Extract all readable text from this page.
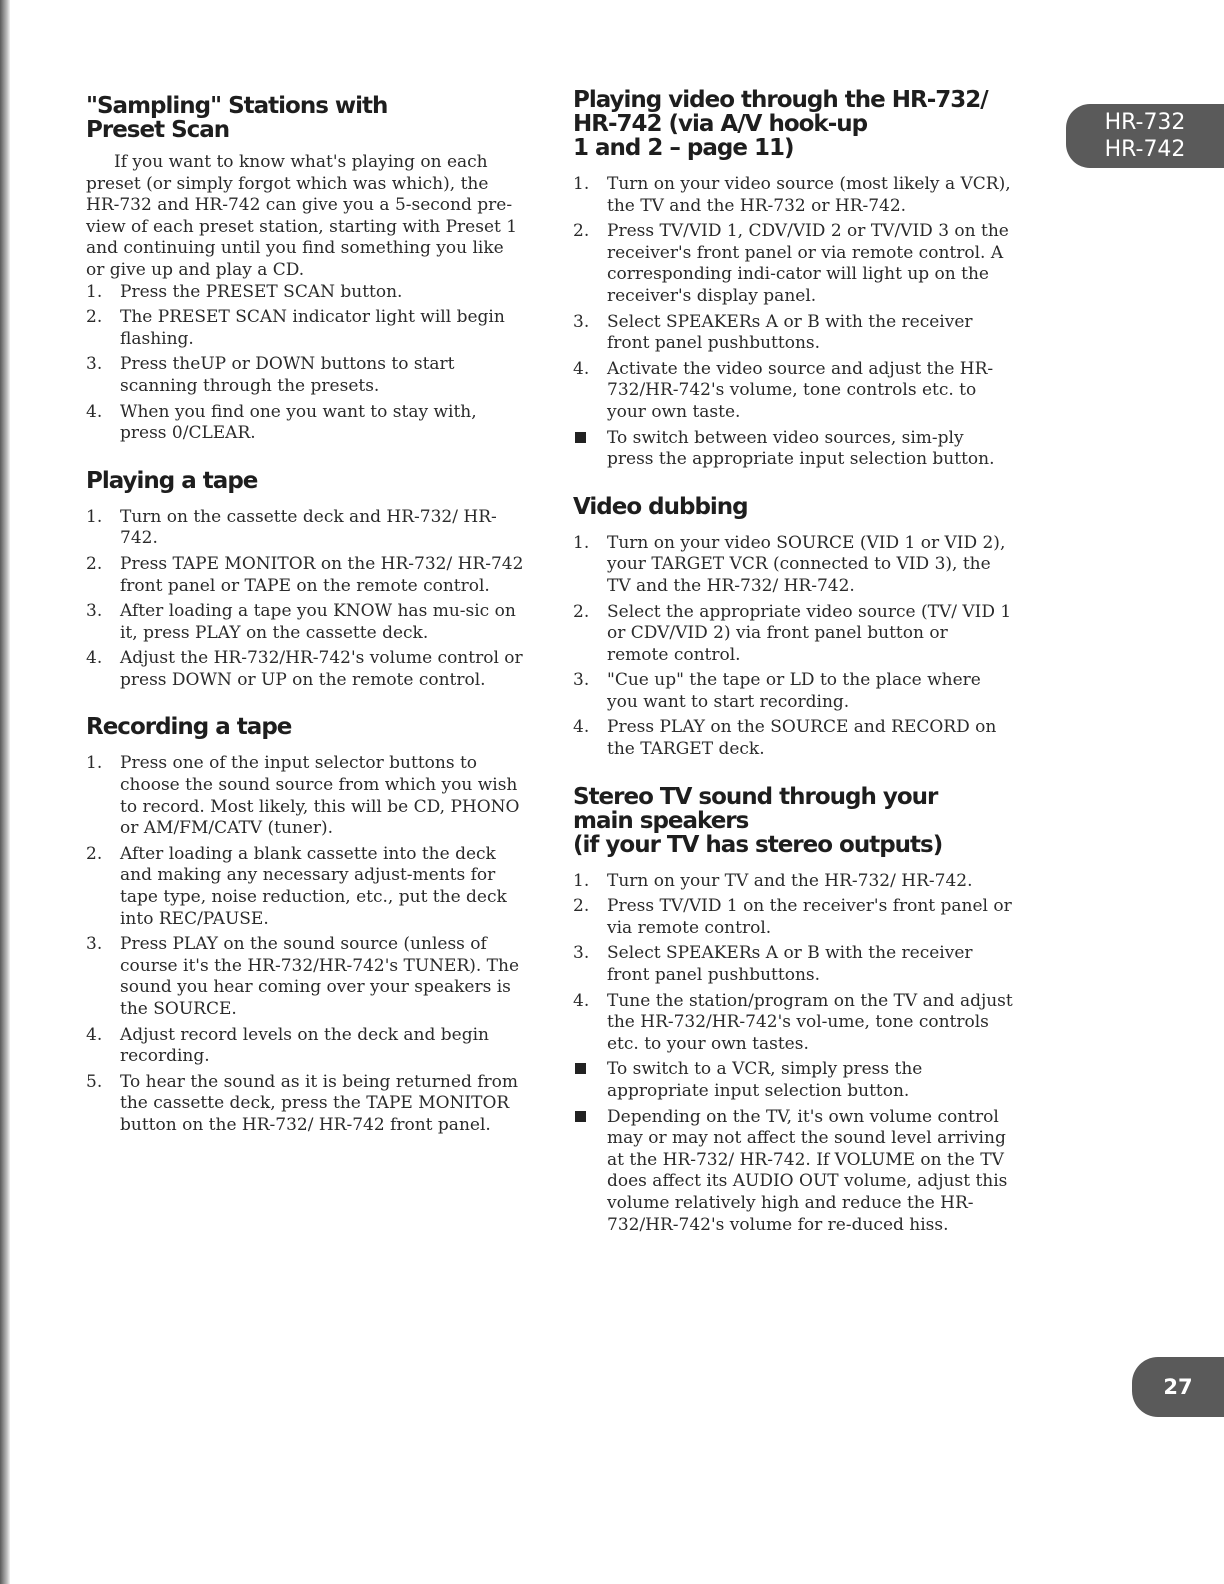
HR-732
HR-742
27
"Sampling" Stations with
Preset Scan

If you want to know what's playing on each preset (or simply forgot which was which), the HR-732 and HR-742 can give you a 5-second pre-view of each preset station, starting with Preset 1 and continuing until you find something you like or give up and play a CD.

1. Press the PRESET SCAN button.
2. The PRESET SCAN indicator light will begin flashing.
3. Press theUP or DOWN buttons to start scanning through the presets.
4. When you find one you want to stay with, press 0/CLEAR.
Playing a tape
1. Turn on the cassette deck and HR-732/ HR-742.
2. Press TAPE MONITOR on the HR-732/ HR-742 front panel or TAPE on the remote control.
3. After loading a tape you KNOW has mu-sic on it, press PLAY on the cassette deck.
4. Adjust the HR-732/HR-742's volume control or press DOWN or UP on the remote control.
Recording a tape
1. Press one of the input selector buttons to choose the sound source from which you wish to record. Most likely, this will be CD, PHONO or AM/FM/CATV (tuner).
2. After loading a blank cassette into the deck and making any necessary adjust-ments for tape type, noise reduction, etc., put the deck into REC/PAUSE.
3. Press PLAY on the sound source (unless of course it's the HR-732/HR-742's TUNER). The sound you hear coming over your speakers is the SOURCE.
4. Adjust record levels on the deck and begin recording.
5. To hear the sound as it is being returned from the cassette deck, press the TAPE MONITOR button on the HR-732/ HR-742 front panel.
Playing video through the HR-732/
HR-742 (via A/V hook-up
1 and 2 – page 11)
1. Turn on your video source (most likely a VCR), the TV and the HR-732 or HR-742.
2. Press TV/VID 1, CDV/VID 2 or TV/VID 3 on the receiver's front panel or via remote control. A corresponding indi-cator will light up on the receiver's display panel.
3. Select SPEAKERs A or B with the receiver front panel pushbuttons.
4. Activate the video source and adjust the HR-732/HR-742's volume, tone controls etc. to your own taste.
To switch between video sources, sim-ply press the appropriate input selection button.
Video dubbing
1. Turn on your video SOURCE (VID 1 or VID 2), your TARGET VCR (connected to VID 3), the TV and the HR-732/ HR-742.
2. Select the appropriate video source (TV/ VID 1 or CDV/VID 2) via front panel button or remote control.
3. "Cue up" the tape or LD to the place where you want to start recording.
4. Press PLAY on the SOURCE and RECORD on the TARGET deck.
Stereo TV sound through your
main speakers
(if your TV has stereo outputs)
1. Turn on your TV and the HR-732/ HR-742.
2. Press TV/VID 1 on the receiver's front panel or via remote control.
3. Select SPEAKERs A or B with the receiver front panel pushbuttons.
4. Tune the station/program on the TV and adjust the HR-732/HR-742's vol-ume, tone controls etc. to your own tastes.
To switch to a VCR, simply press the appropriate input selection button.
Depending on the TV, it's own volume control may or may not affect the sound level arriving at the HR-732/ HR-742. If VOLUME on the TV does affect its AUDIO OUT volume, adjust this volume relatively high and reduce the HR-732/HR-742's volume for re-duced hiss.
